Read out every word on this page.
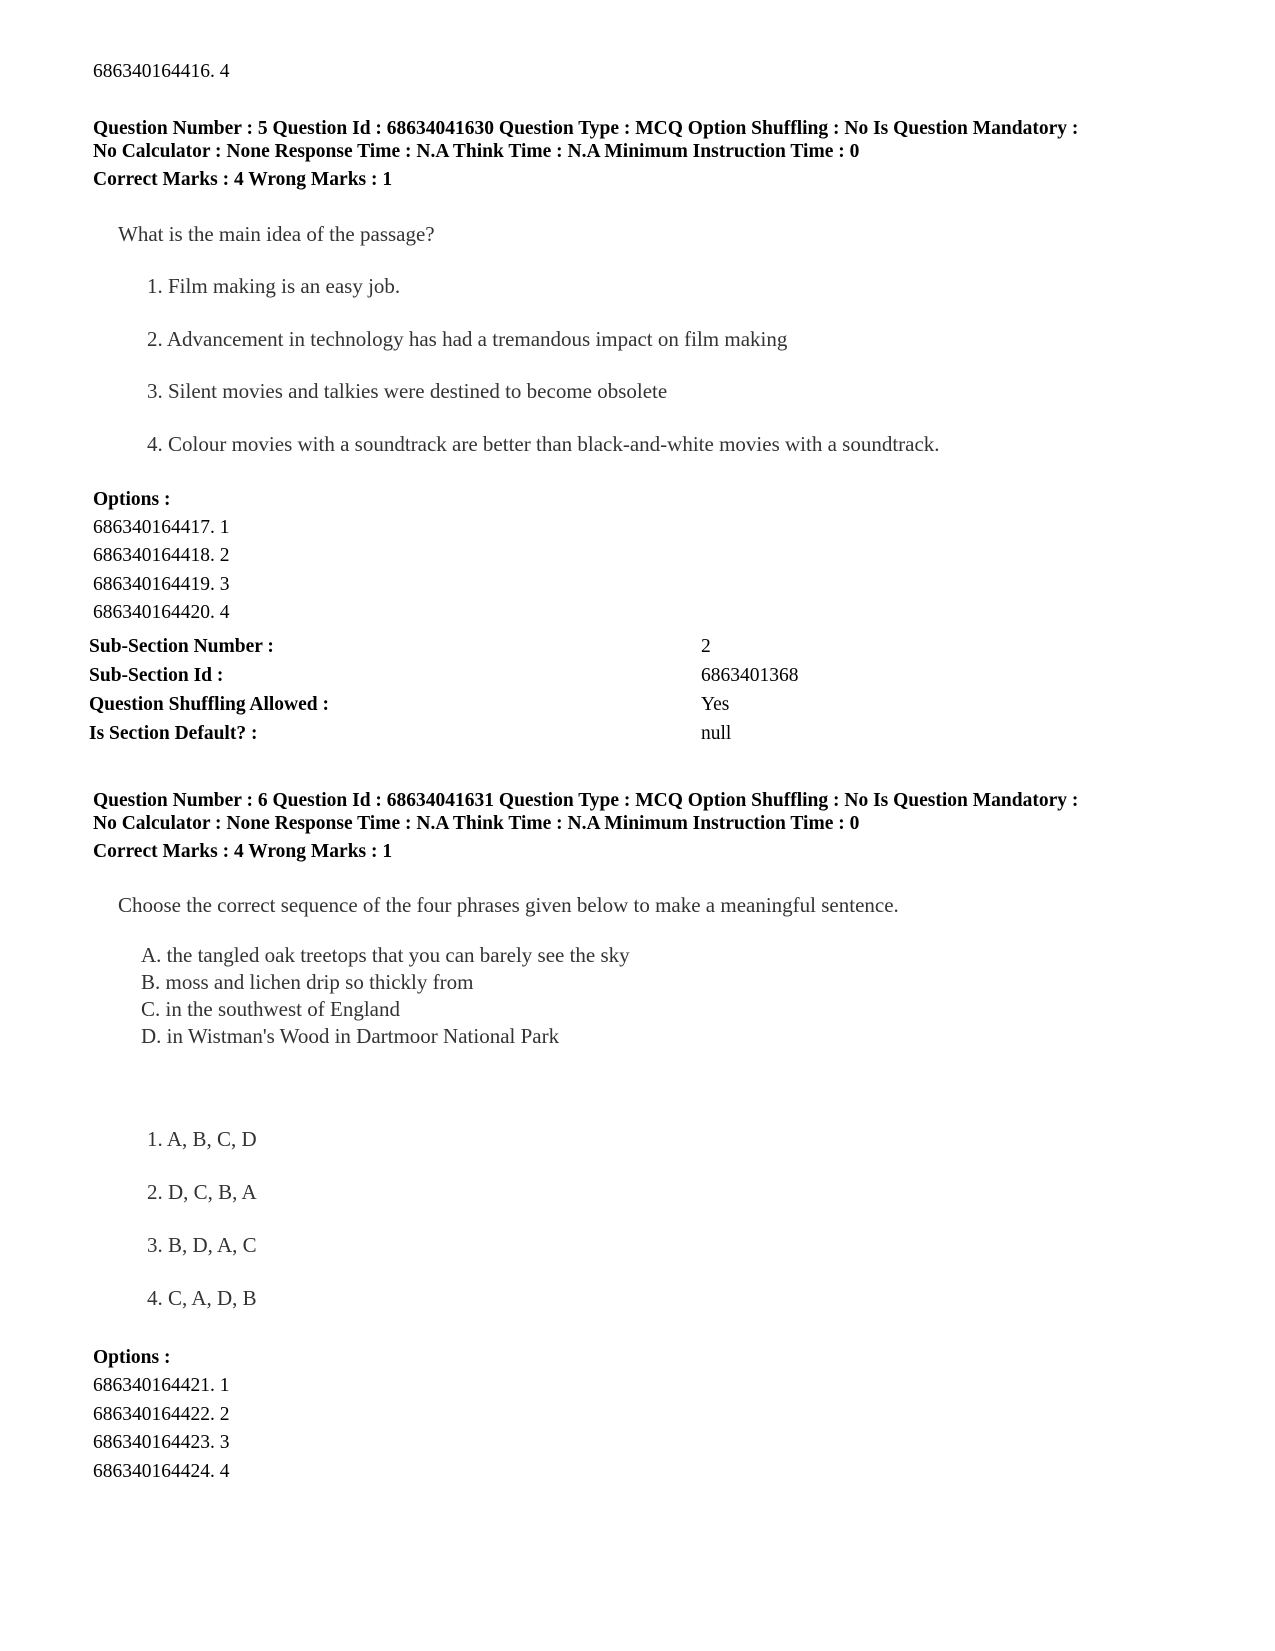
686340164416. 4
Question Number : 5 Question Id : 68634041630 Question Type : MCQ Option Shuffling : No Is Question Mandatory :
No Calculator : None Response Time : N.A Think Time : N.A Minimum Instruction Time : 0
Correct Marks : 4 Wrong Marks : 1
What is the main idea of the passage?
1. Film making is an easy job.
2. Advancement in technology has had a tremandous impact on film making
3. Silent movies and talkies were destined to become obsolete
4. Colour movies with a soundtrack are better than black-and-white movies with a soundtrack.
Options :
686340164417. 1
686340164418. 2
686340164419. 3
686340164420. 4
Sub-Section Number :	2
Sub-Section Id :	6863401368
Question Shuffling Allowed :	Yes
Is Section Default? :	null
Question Number : 6 Question Id : 68634041631 Question Type : MCQ Option Shuffling : No Is Question Mandatory :
No Calculator : None Response Time : N.A Think Time : N.A Minimum Instruction Time : 0
Correct Marks : 4 Wrong Marks : 1
Choose the correct sequence of the four phrases given below to make a meaningful sentence.
A. the tangled oak treetops that you can barely see the sky
B. moss and lichen drip so thickly from
C. in the southwest of England
D. in Wistman's Wood in Dartmoor National Park
1. A, B, C, D
2. D, C, B, A
3. B, D, A, C
4. C, A, D, B
Options :
686340164421. 1
686340164422. 2
686340164423. 3
686340164424. 4
